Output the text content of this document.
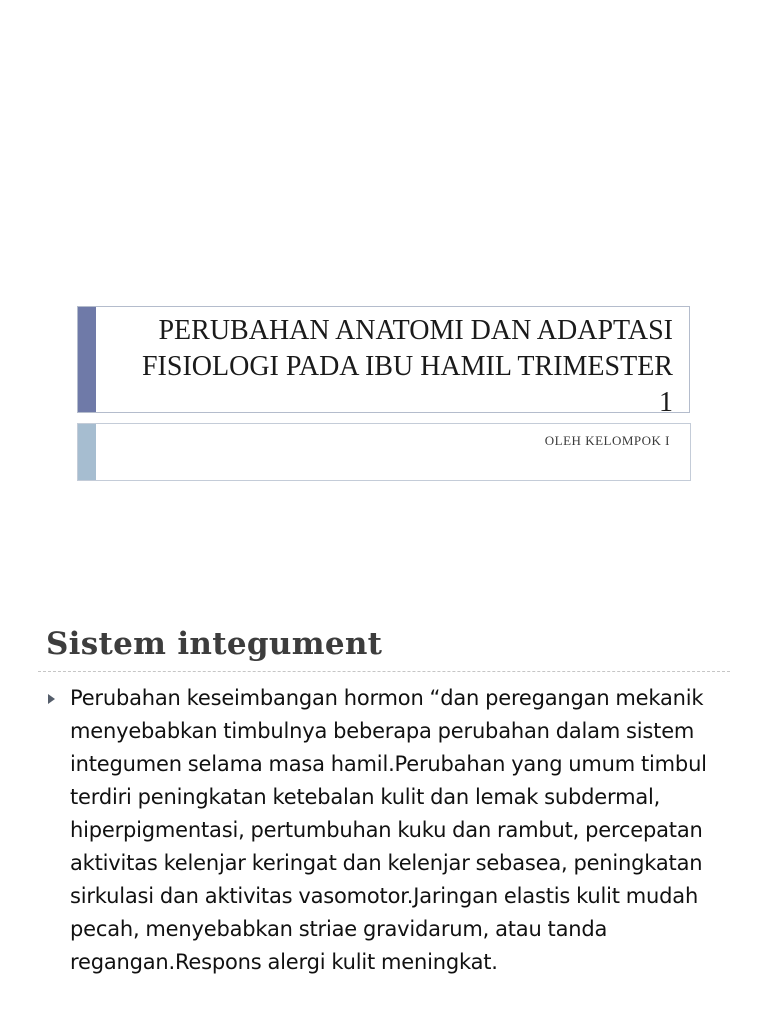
PERUBAHAN ANATOMI DAN ADAPTASI FISIOLOGI PADA IBU HAMIL TRIMESTER 1
OLEH KELOMPOK I
Sistem integument
Perubahan keseimbangan hormon “dan peregangan mekanik menyebabkan timbulnya beberapa perubahan dalam sistem integumen selama masa hamil.Perubahan yang umum timbul terdiri peningkatan ketebalan kulit dan lemak subdermal, hiperpigmentasi, pertumbuhan kuku dan rambut, percepatan aktivitas kelenjar keringat dan kelenjar sebasea, peningkatan sirkulasi dan aktivitas vasomotor.Jaringan elastis kulit mudah pecah, menyebabkan striae gravidarum, atau tanda regangan.Respons alergi kulit meningkat.
